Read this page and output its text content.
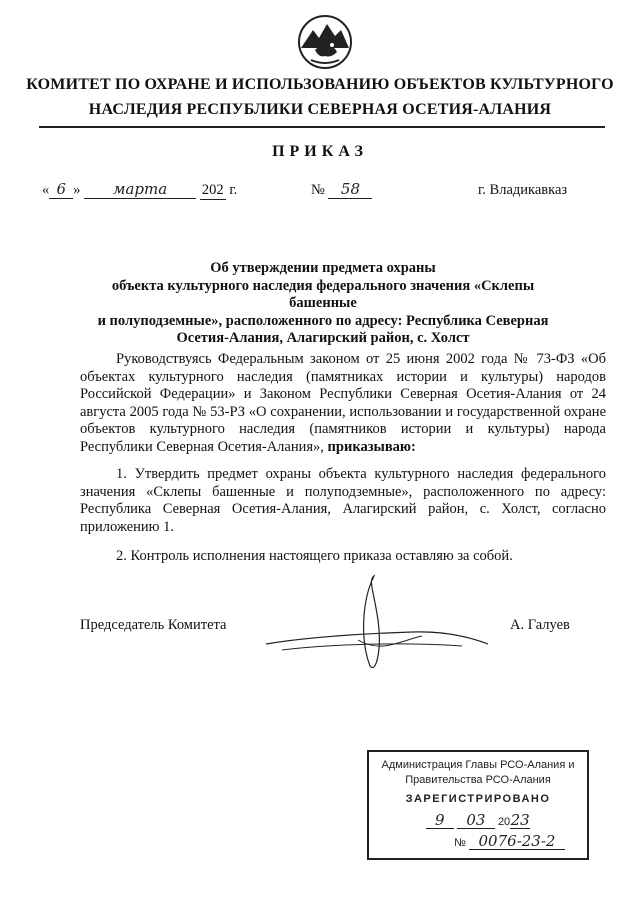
КОМИТЕТ ПО ОХРАНЕ И ИСПОЛЬЗОВАНИЮ ОБЪЕКТОВ КУЛЬТУРНОГО
НАСЛЕДИЯ РЕСПУБЛИКИ СЕВЕРНАЯ ОСЕТИЯ-АЛАНИЯ
ПРИКАЗ
« 6 » марта 202 г.	№ 58	г. Владикавказ
Об утверждении предмета охраны
объекта культурного наследия федерального значения «Склепы башенные
и полуподземные», расположенного по адресу: Республика Северная
Осетия-Алания, Алагирский район, с. Холст

Руководствуясь Федеральным законом от 25 июня 2002 года № 73-ФЗ «Об объектах культурного наследия (памятниках истории и культуры) народов Российской Федерации» и Законом Республики Северная Осетия-Алания от 24 августа 2005 года № 53-РЗ «О сохранении, использовании и государственной охране объектов культурного наследия (памятников истории и культуры) народа Республики Северная Осетия-Алания», приказываю:

1. Утвердить предмет охраны объекта культурного наследия федерального значения «Склепы башенные и полуподземные», расположенного по адресу: Республика Северная Осетия-Алания, Алагирский район, с. Холст, согласно приложению 1.

2. Контроль исполнения настоящего приказа оставляю за собой.

Председатель Комитета	А. Галуев
Администрация Главы РСО-Алания и
Правительства РСО-Алания
ЗАРЕГИСТРИРОВАНО
9 03 2023
№ 0076-23-2
